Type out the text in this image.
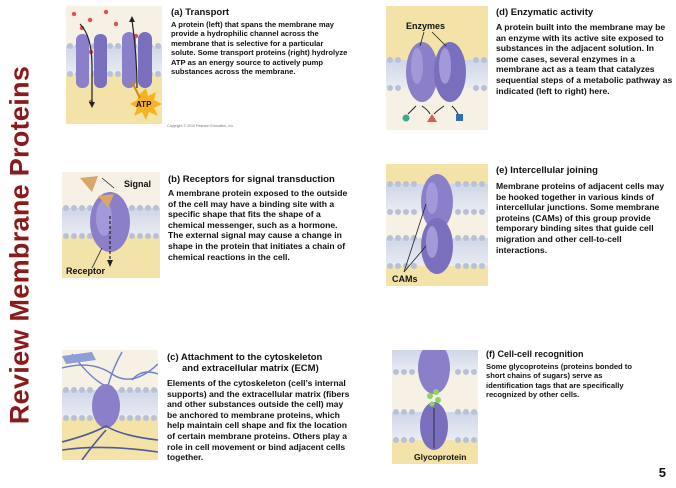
Review Membrane Proteins	ATP
Copyright © 2010 Pearson Education, Inc.
(a) Transport
A protein (left) that spans the membrane may provide a hydrophilic channel across the membrane that is selective for a particular solute. Some transport proteins (right) hydrolyze ATP as an energy source to actively pump substances across the membrane.
Signal
Receptor
(b) Receptors for signal transduction
A membrane protein exposed to the outside of the cell may have a binding site with a specific shape that fits the shape of a chemical messenger, such as a hormone. The external signal may cause a change in shape in the protein that initiates a chain of chemical reactions in the cell.
(c) Attachment to the cytoskeleton
and extracellular matrix (ECM)
Elements of the cytoskeleton (cell’s internal supports) and the extracellular matrix (fibers and other substances outside the cell) may be anchored to membrane proteins, which help maintain cell shape and fix the location of certain membrane proteins. Others play a role in cell movement or bind adjacent cells together.
Enzymes
(d) Enzymatic activity
A protein built into the membrane may be an enzyme with its active site exposed to substances in the adjacent solution. In some cases, several enzymes in a membrane act as a team that catalyzes sequential steps of a metabolic pathway as indicated (left to right) here.
CAMs
(e) Intercellular joining
Membrane proteins of adjacent cells may be hooked together in various kinds of intercellular junctions. Some membrane proteins (CAMs) of this group provide temporary binding sites that guide cell migration and other cell-to-cell interactions.
Glycoprotein
(f) Cell-cell recognition
Some glycoproteins (proteins bonded to short chains of sugars) serve as identification tags that are specifically recognized by other cells.
5
